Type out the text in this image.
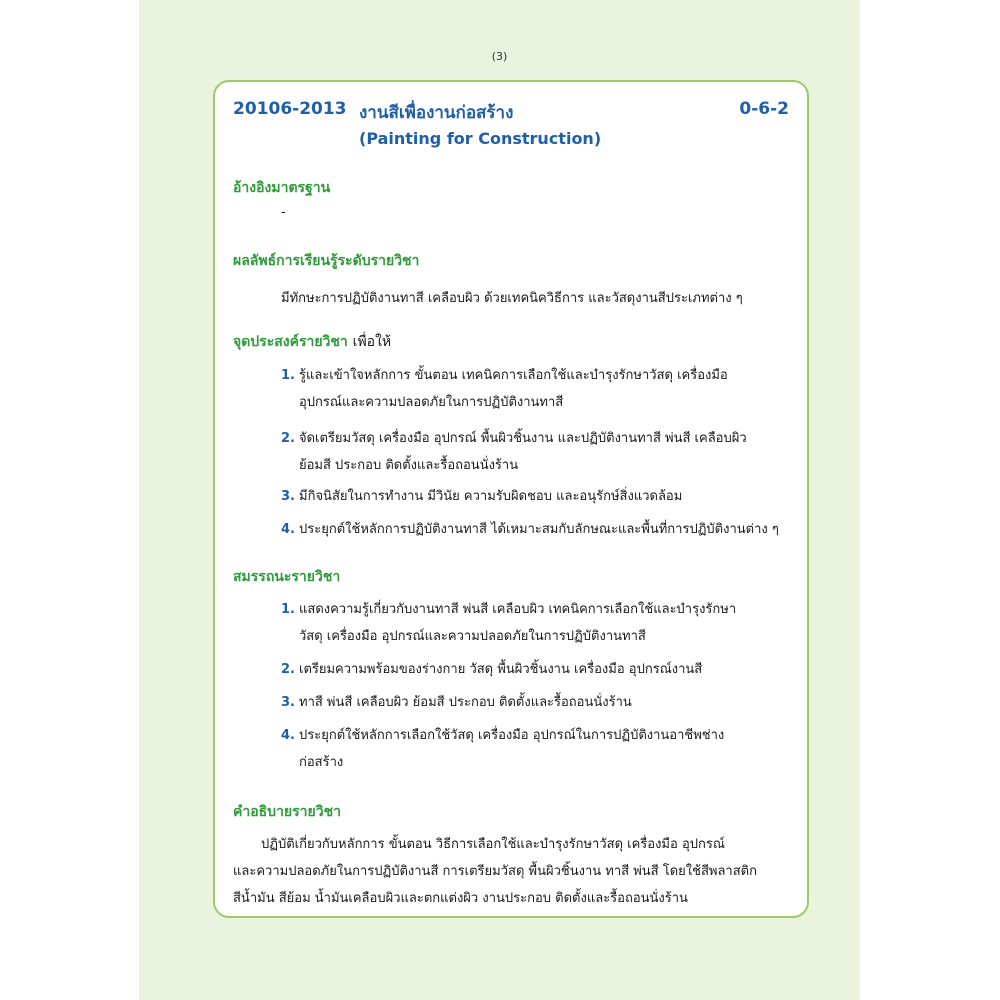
(3)
20106-2013 งานสีเพื่องานก่อสร้าง	0-6-2
(Painting for Construction)
อ้างอิงมาตรฐาน
-
ผลลัพธ์การเรียนรู้ระดับรายวิชา
มีทักษะการปฏิบัติงานทาสี เคลือบผิว ด้วยเทคนิควิธีการ และวัสดุงานสีประเภทต่าง ๆ
จุดประสงค์รายวิชา เพื่อให้
1. รู้และเข้าใจหลักการ ขั้นตอน เทคนิคการเลือกใช้และบำรุงรักษาวัสดุ เครื่องมือ
อุปกรณ์และความปลอดภัยในการปฏิบัติงานทาสี
2. จัดเตรียมวัสดุ เครื่องมือ อุปกรณ์ พื้นผิวชิ้นงาน และปฏิบัติงานทาสี พ่นสี เคลือบผิว
ย้อมสี ประกอบ ติดตั้งและรื้อถอนนั่งร้าน
3. มีกิจนิสัยในการทำงาน มีวินัย ความรับผิดชอบ และอนุรักษ์สิ่งแวดล้อม
4. ประยุกต์ใช้หลักการปฏิบัติงานทาสี ได้เหมาะสมกับลักษณะและพื้นที่การปฏิบัติงานต่าง ๆ
สมรรถนะรายวิชา
1. แสดงความรู้เกี่ยวกับงานทาสี พ่นสี เคลือบผิว เทคนิคการเลือกใช้และบำรุงรักษา
วัสดุ เครื่องมือ อุปกรณ์และความปลอดภัยในการปฏิบัติงานทาสี
2. เตรียมความพร้อมของร่างกาย วัสดุ พื้นผิวชิ้นงาน เครื่องมือ อุปกรณ์งานสี
3. ทาสี พ่นสี เคลือบผิว ย้อมสี ประกอบ ติดตั้งและรื้อถอนนั่งร้าน
4. ประยุกต์ใช้หลักการเลือกใช้วัสดุ เครื่องมือ อุปกรณ์ในการปฏิบัติงานอาชีพช่าง
ก่อสร้าง
คำอธิบายรายวิชา
ปฏิบัติเกี่ยวกับหลักการ ขั้นตอน วิธีการเลือกใช้และบำรุงรักษาวัสดุ เครื่องมือ อุปกรณ์
และความปลอดภัยในการปฏิบัติงานสี การเตรียมวัสดุ พื้นผิวชิ้นงาน ทาสี พ่นสี โดยใช้สีพลาสติก
สีน้ำมัน สีย้อม น้ำมันเคลือบผิวและตกแต่งผิว งานประกอบ ติดตั้งและรื้อถอนนั่งร้าน
